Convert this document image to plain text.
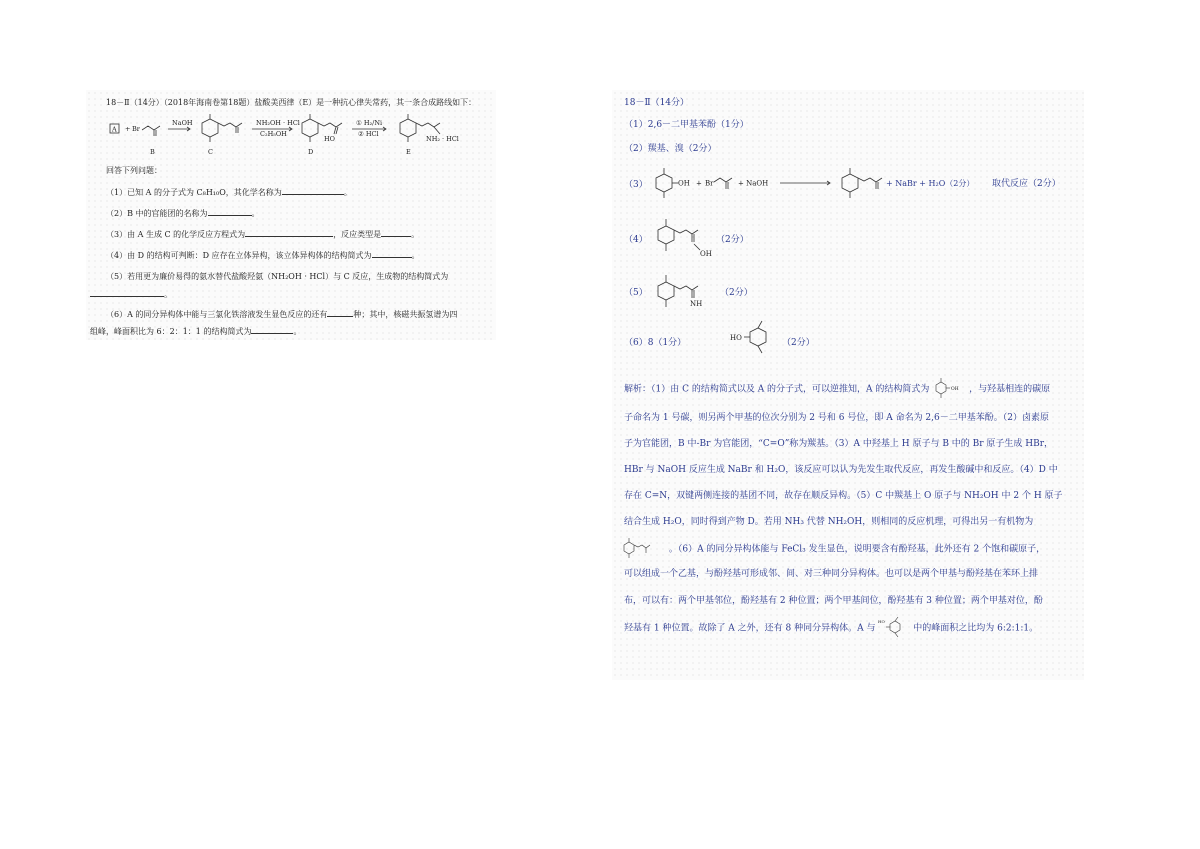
18－Ⅱ（14分）（2018年海南卷第18题）盐酸美西律（E）是一种抗心律失常药，其一条合成路线如下：
A + Br
NaOH	NH₂OH · HCl
C₂H₅OH
① H₂/Ni
② HCl
HO	NH₂ · HCl
B	C	D	E
回答下列问题：
（1）已知 A 的分子式为 C₈H₁₀O，其化学名称为	。
（2）B 中的官能团的名称为	。
（3）由 A 生成 C 的化学反应方程式为	，反应类型是	。
（4）由 D 的结构可判断：D 应存在立体异构，该立体异构体的结构简式为	。
（5）若用更为廉价易得的氨水替代盐酸羟氨（NH₂OH · HCl）与 C 反应，生成物的结构简式为
。
（6）A 的同分异构体中能与三氯化铁溶液发生显色反应的还有	种；其中，核磁共振氢谱为四
组峰，峰面积比为 6：2：1：1 的结构简式为	。
18－Ⅱ（14分）
（1）2,6－二甲基苯酚（1分）
（2）羰基、溴（2分）
（3）	OH + Br	+ NaOH	+ NaBr + H₂O（2分） 取代反应（2分）
（4）
OH
（2分）
（5）
NH
（2分）
（6）8（1分）	HO	（2分）
解析：（1）由 C 的结构简式以及 A 的分子式，可以逆推知，A 的结构简式为	OH ，与羟基相连的碳原
子命名为 1 号碳，则另两个甲基的位次分别为 2 号和 6 号位，即 A 命名为 2,6－二甲基苯酚。（2）卤素原
子为官能团，B 中-Br 为官能团，“C=O”称为羰基。（3）A 中羟基上 H 原子与 B 中的 Br 原子生成 HBr，
HBr 与 NaOH 反应生成 NaBr 和 H₂O，该反应可以认为先发生取代反应，再发生酸碱中和反应。（4）D 中
存在 C=N，双键两侧连接的基团不同，故存在顺反异构。（5）C 中羰基上 O 原子与 NH₂OH 中 2 个 H 原子
结合生成 H₂O，同时得到产物 D。若用 NH₃ 代替 NH₂OH，则相同的反应机理，可得出另一有机物为
。（6）A 的同分异构体能与 FeCl₃ 发生显色，说明要含有酚羟基，此外还有 2 个饱和碳原子，
可以组成一个乙基，与酚羟基可形成邻、间、对三种同分异构体。也可以是两个甲基与酚羟基在苯环上排
布，可以有：两个甲基邻位，酚羟基有 2 种位置；两个甲基间位，酚羟基有 3 种位置；两个甲基对位，酚
羟基有 1 种位置。故除了 A 之外，还有 8 种同分异构体。A 与
HO
中的峰面积之比均为 6:2:1:1。
